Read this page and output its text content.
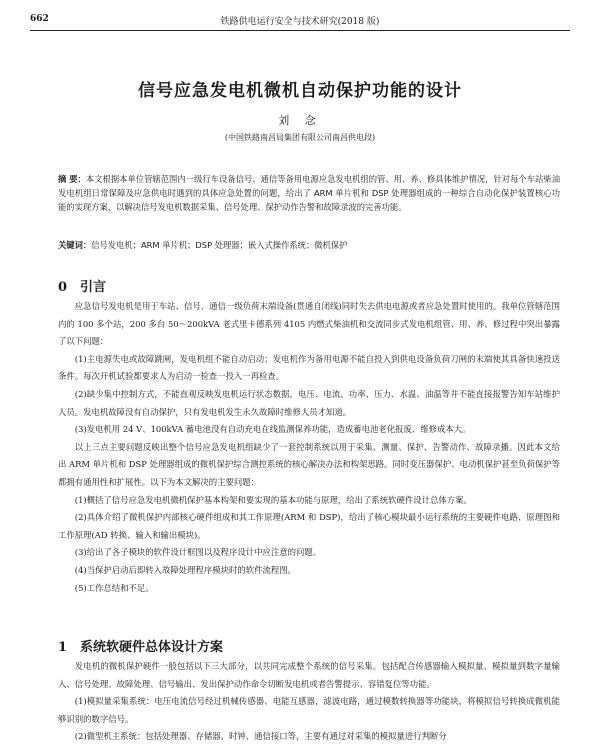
662	铁路供电运行安全与技术研究(2018 版)
信号应急发电机微机自动保护功能的设计
刘 念
(中国铁路南昌局集团有限公司南昌供电段)
摘 要：本文根据本单位管辖范围内一级行车设备信号、通信等备用电源应急发电机组的管、用、养、修具体维护情况，针对每个车站柴油发电机组日常保障及应急供电时遇到的具体应急处置的问题，给出了 ARM 单片机和 DSP 处理器组成的一种综合自动化保护装置核心功能的实现方案，以解决信号发电机数据采集、信号处理、保护动作告警和故障录波的完善功能。
关键词：信号发电机；ARM 单片机；DSP 处理器；嵌入式操作系统；微机保护
0 引言

应急信号发电机是用于车站、信号、通信一级负荷末端设备(贯通自闭线)同时失去供电电源或者应急处置时使用的。我单位管辖范围内的 100 多个站，200 多台 50～200kVA 老式里卡德系列 4105 内燃式柴油机和交流同步式发电机组管、用、养、修过程中突出暴露了以下问题：

(1)主电源失电或故障跳闸，发电机组不能自动启动；发电机作为备用电源不能自投入到供电设备负荷刀闸的末端使其具备快速投送条件。每次开机试验都要求人为启动一检查一投入一再检查。

(2)缺少集中控制方式，不能直观反映发电机运行状态数据，电压、电流、功率、压力、水温、油温等并不能直接报警告知车站维护人员。发电机故障没有自动保护，只有发电机发生永久故障时维修人员才知道。

(3)发电机用 24 V、100kVA 蓄电池没有自动充电在线监测保养功能，造成蓄电池老化报废、维修成本大。

以上三点主要问题反映出整个信号应急发电机组缺少了一套控制系统以用于采集、测量、保护、告警动作、故障录播。因此本文给出 ARM 单片机和 DSP 处理器组成的微机保护综合测控系统的核心解决办法和构架思路。同时变压器保护、电动机保护甚至负荷保护等都拥有通用性和扩展性。以下为本文解决的主要问题：

(1)概括了信号应急发电机微机保护基本构架和要实现的基本功能与原理，给出了系统软硬件设计总体方案。

(2)具体介绍了微机保护内部核心硬件组成和其工作原理(ARM 和 DSP)，给出了核心模块最小运行系统的主要硬件电路、原理图和工作原理(AD 转换、输入和输出模块)。

(3)给出了各子模块的软件设计框图以及程序设计中应注意的问题。

(4)当保护启动后即转入故障处理程序模块时的软件流程图。

(5)工作总结和不足。

1 系统软硬件总体设计方案

发电机的微机保护硬件一般包括以下三大部分，以共同完成整个系统的信号采集。包括配合传感器输入模拟量、模拟量到数字量输入、信号处理、故障处理、信号输出、发出保护动作命令切断发电机或者告警提示、容错复位等功能。

(1)模拟量采集系统：电压电流信号经过机械传感器、电能互感器，滤波电路，通过模数转换器等功能块，将模拟信号转换成微机能够识别的数字信号。

(2)微型机主系统：包括处理器、存储器、时钟、通信接口等，主要有通过对采集的模拟量进行判断分
